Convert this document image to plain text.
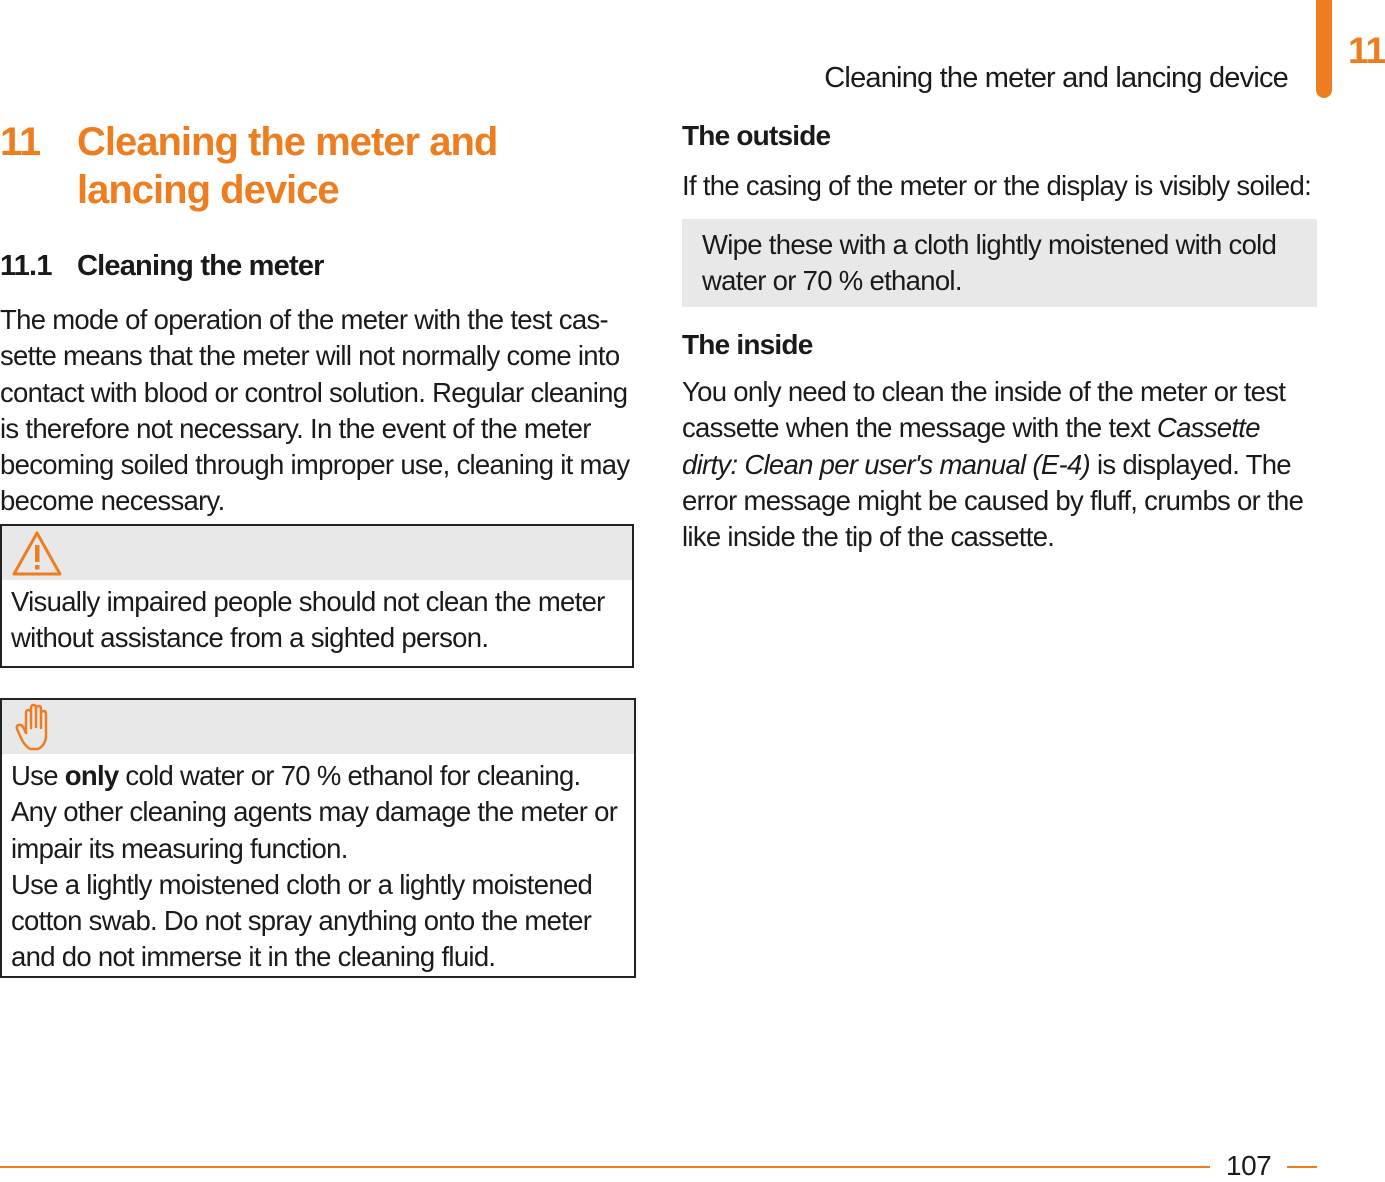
Cleaning the meter and lancing device
11
11 Cleaning the meter and lancing device
11.1 Cleaning the meter

The mode of operation of the meter with the test cas-sette means that the meter will not normally come into contact with blood or control solution. Regular cleaning is therefore not necessary. In the event of the meter becoming soiled through improper use, cleaning it may become necessary.

Visually impaired people should not clean the meter without assistance from a sighted person.
Use only cold water or 70 % ethanol for cleaning.
Any other cleaning agents may damage the meter or impair its measuring function.
Use a lightly moistened cloth or a lightly moistened cotton swab. Do not spray anything onto the meter and do not immerse it in the cleaning fluid.
The outside

If the casing of the meter or the display is visibly soiled:

Wipe these with a cloth lightly moistened with cold water or 70 % ethanol.
The inside

You only need to clean the inside of the meter or test cassette when the message with the text Cassette dirty: Clean per user's manual (E-4) is displayed. The error message might be caused by fluff, crumbs or the like inside the tip of the cassette.

107
